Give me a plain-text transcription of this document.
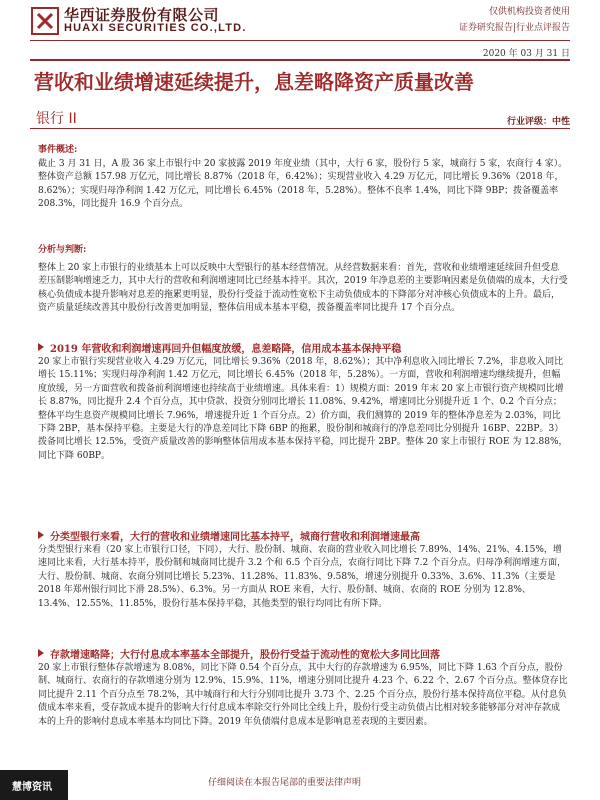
华西证券股份有限公司
HUAXI SECURITIES CO.,LTD.
仅供机构投资者使用
证券研究报告|行业点评报告
2020 年 03 月 31 日
营收和业绩增速延续提升，息差略降资产质量改善
银行 II	行业评级：中性
事件概述:
截止 3 月 31 日，A 股 36 家上市银行中 20 家披露 2019 年度业绩（其中，大行 6 家，股份行 5 家，城商行 5 家，农商行 4 家）。整体资产总额 157.98 万亿元，同比增长 8.87%（2018 年，6.42%）；实现营业收入 4.29 万亿元，同比增长 9.36%（2018 年，8.62%）；实现归母净利润 1.42 万亿元，同比增长 6.45%（2018 年，5.28%）。整体不良率 1.4%，同比下降 9BP；拨备覆盖率 208.3%，同比提升 16.9 个百分点。
分析与判断:
整体上 20 家上市银行的业绩基本上可以反映中大型银行的基本经营情况。从经营数据来看：首先，营收和业绩增速延续回升但受息差压制影响增速乏力，其中大行的营收和利润增速同比已经基本持平。其次，2019 年净息差的主要影响因素是负债端的成本，大行受核心负债成本提升影响对息差的拖累更明显，股份行受益于流动性宽松下主动负债成本的下降部分对冲核心负债成本的上升。最后，资产质量延续改善其中股份行改善更加明显，整体信用成本基本平稳，拨备覆盖率同比提升 17 个百分点。
2019 年营收和利润增速再回升但幅度放缓，息差略降，信用成本基本保持平稳
20 家上市银行实现营业收入 4.29 万亿元，同比增长 9.36%（2018 年，8.62%）；其中净利息收入同比增长 7.2%，非息收入同比增长 15.11%；实现归母净利润 1.42 万亿元，同比增长 6.45%（2018 年，5.28%）。一方面，营收和利润增速均继续提升，但幅度放缓，另一方面营收和拨备前利润增速也持续高于业绩增速。具体来看：1）规模方面：2019 年末 20 家上市银行资产规模同比增长 8.87%，同比提升 2.4 个百分点，其中贷款、投资分别同比增长 11.08%、9.42%，增速同比分别提升近 1 个、0.2 个百分点；整体平均生息资产规模同比增长 7.96%，增速提升近 1 个百分点。2）价方面，我们测算的 2019 年的整体净息差为 2.03%，同比下降 2BP，基本保持平稳。主要是大行的净息差同比下降 6BP 的拖累，股份制和城商行的净息差同比分别提升 16BP、22BP。3）拨备同比增长 12.5%，受资产质量改善的影响整体信用成本基本保持平稳，同比提升 2BP。整体 20 家上市银行 ROE 为 12.88%，同比下降 60BP。
分类型银行来看，大行的营收和业绩增速同比基本持平，城商行营收和利润增速最高
分类型银行来看（20 家上市银行口径，下同），大行、股份制、城商、农商的营业收入同比增长 7.89%、14%、21%、4.15%，增速同比来看，大行基本持平，股份制和城商同比提升 3.2 个和 6.5 个百分点，农商行同比下降 7.2 个百分点。归母净利润增速方面，大行、股份制、城商、农商分别同比增长 5.23%、11.28%、11.83%、9.58%，增速分别提升 0.33%、3.6%、11.3%（主要是 2018 年郑州银行同比下滑 28.5%）、6.3%。另一方面从 ROE 来看，大行、股份制、城商、农商的 ROE 分别为 12.8%、13.4%、12.55%、11.85%，股份行基本保持平稳，其他类型的银行均同比有所下降。
存款增速略降；大行付息成本率基本全部提升，股份行受益于流动性的宽松大多同比回落
20 家上市银行整体存款增速为 8.08%，同比下降 0.54 个百分点，其中大行的存款增速为 6.95%，同比下降 1.63 个百分点，股份制、城商行、农商行的存款增速分别为 12.9%、15.9%、11%，增速分别同比提升 4.23 个、6.22 个、2.67 个百分点。整体贷存比同比提升 2.11 个百分点至 78.2%，其中城商行和大行分别同比提升 3.73 个、2.25 个百分点，股份行基本保持高位平稳。从付息负债成本率来看，受存款成本提升的影响大行付息成本率除交行外同比全线上升，股份行受主动负债占比相对较多能够部分对冲存款成本的上升的影响付息成本率基本均同比下降。2019 年负债端付息成本是影响息差表现的主要因素。
慧博资讯	仔细阅读在本报告尾部的重要法律声明
